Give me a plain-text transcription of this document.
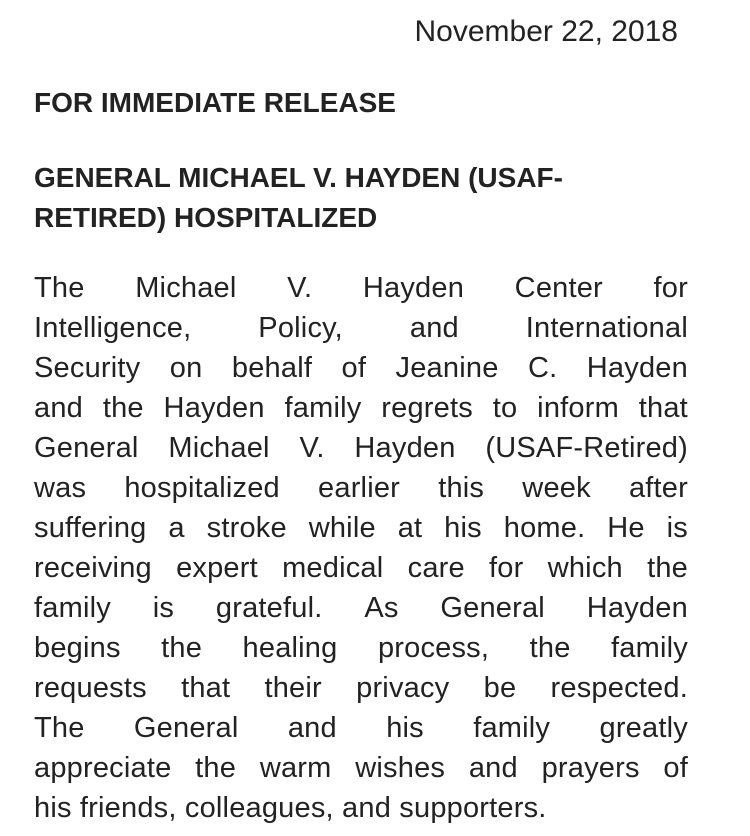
November 22, 2018
FOR IMMEDIATE RELEASE
GENERAL MICHAEL V. HAYDEN (USAF-
RETIRED) HOSPITALIZED
The Michael V. Hayden Center for
Intelligence, Policy, and International
Security on behalf of Jeanine C. Hayden
and the Hayden family regrets to inform that
General Michael V. Hayden (USAF-Retired)
was hospitalized earlier this week after
suffering a stroke while at his home. He is
receiving expert medical care for which the
family is grateful. As General Hayden
begins the healing process, the family
requests that their privacy be respected.
The General and his family greatly
appreciate the warm wishes and prayers of
his friends, colleagues, and supporters.
